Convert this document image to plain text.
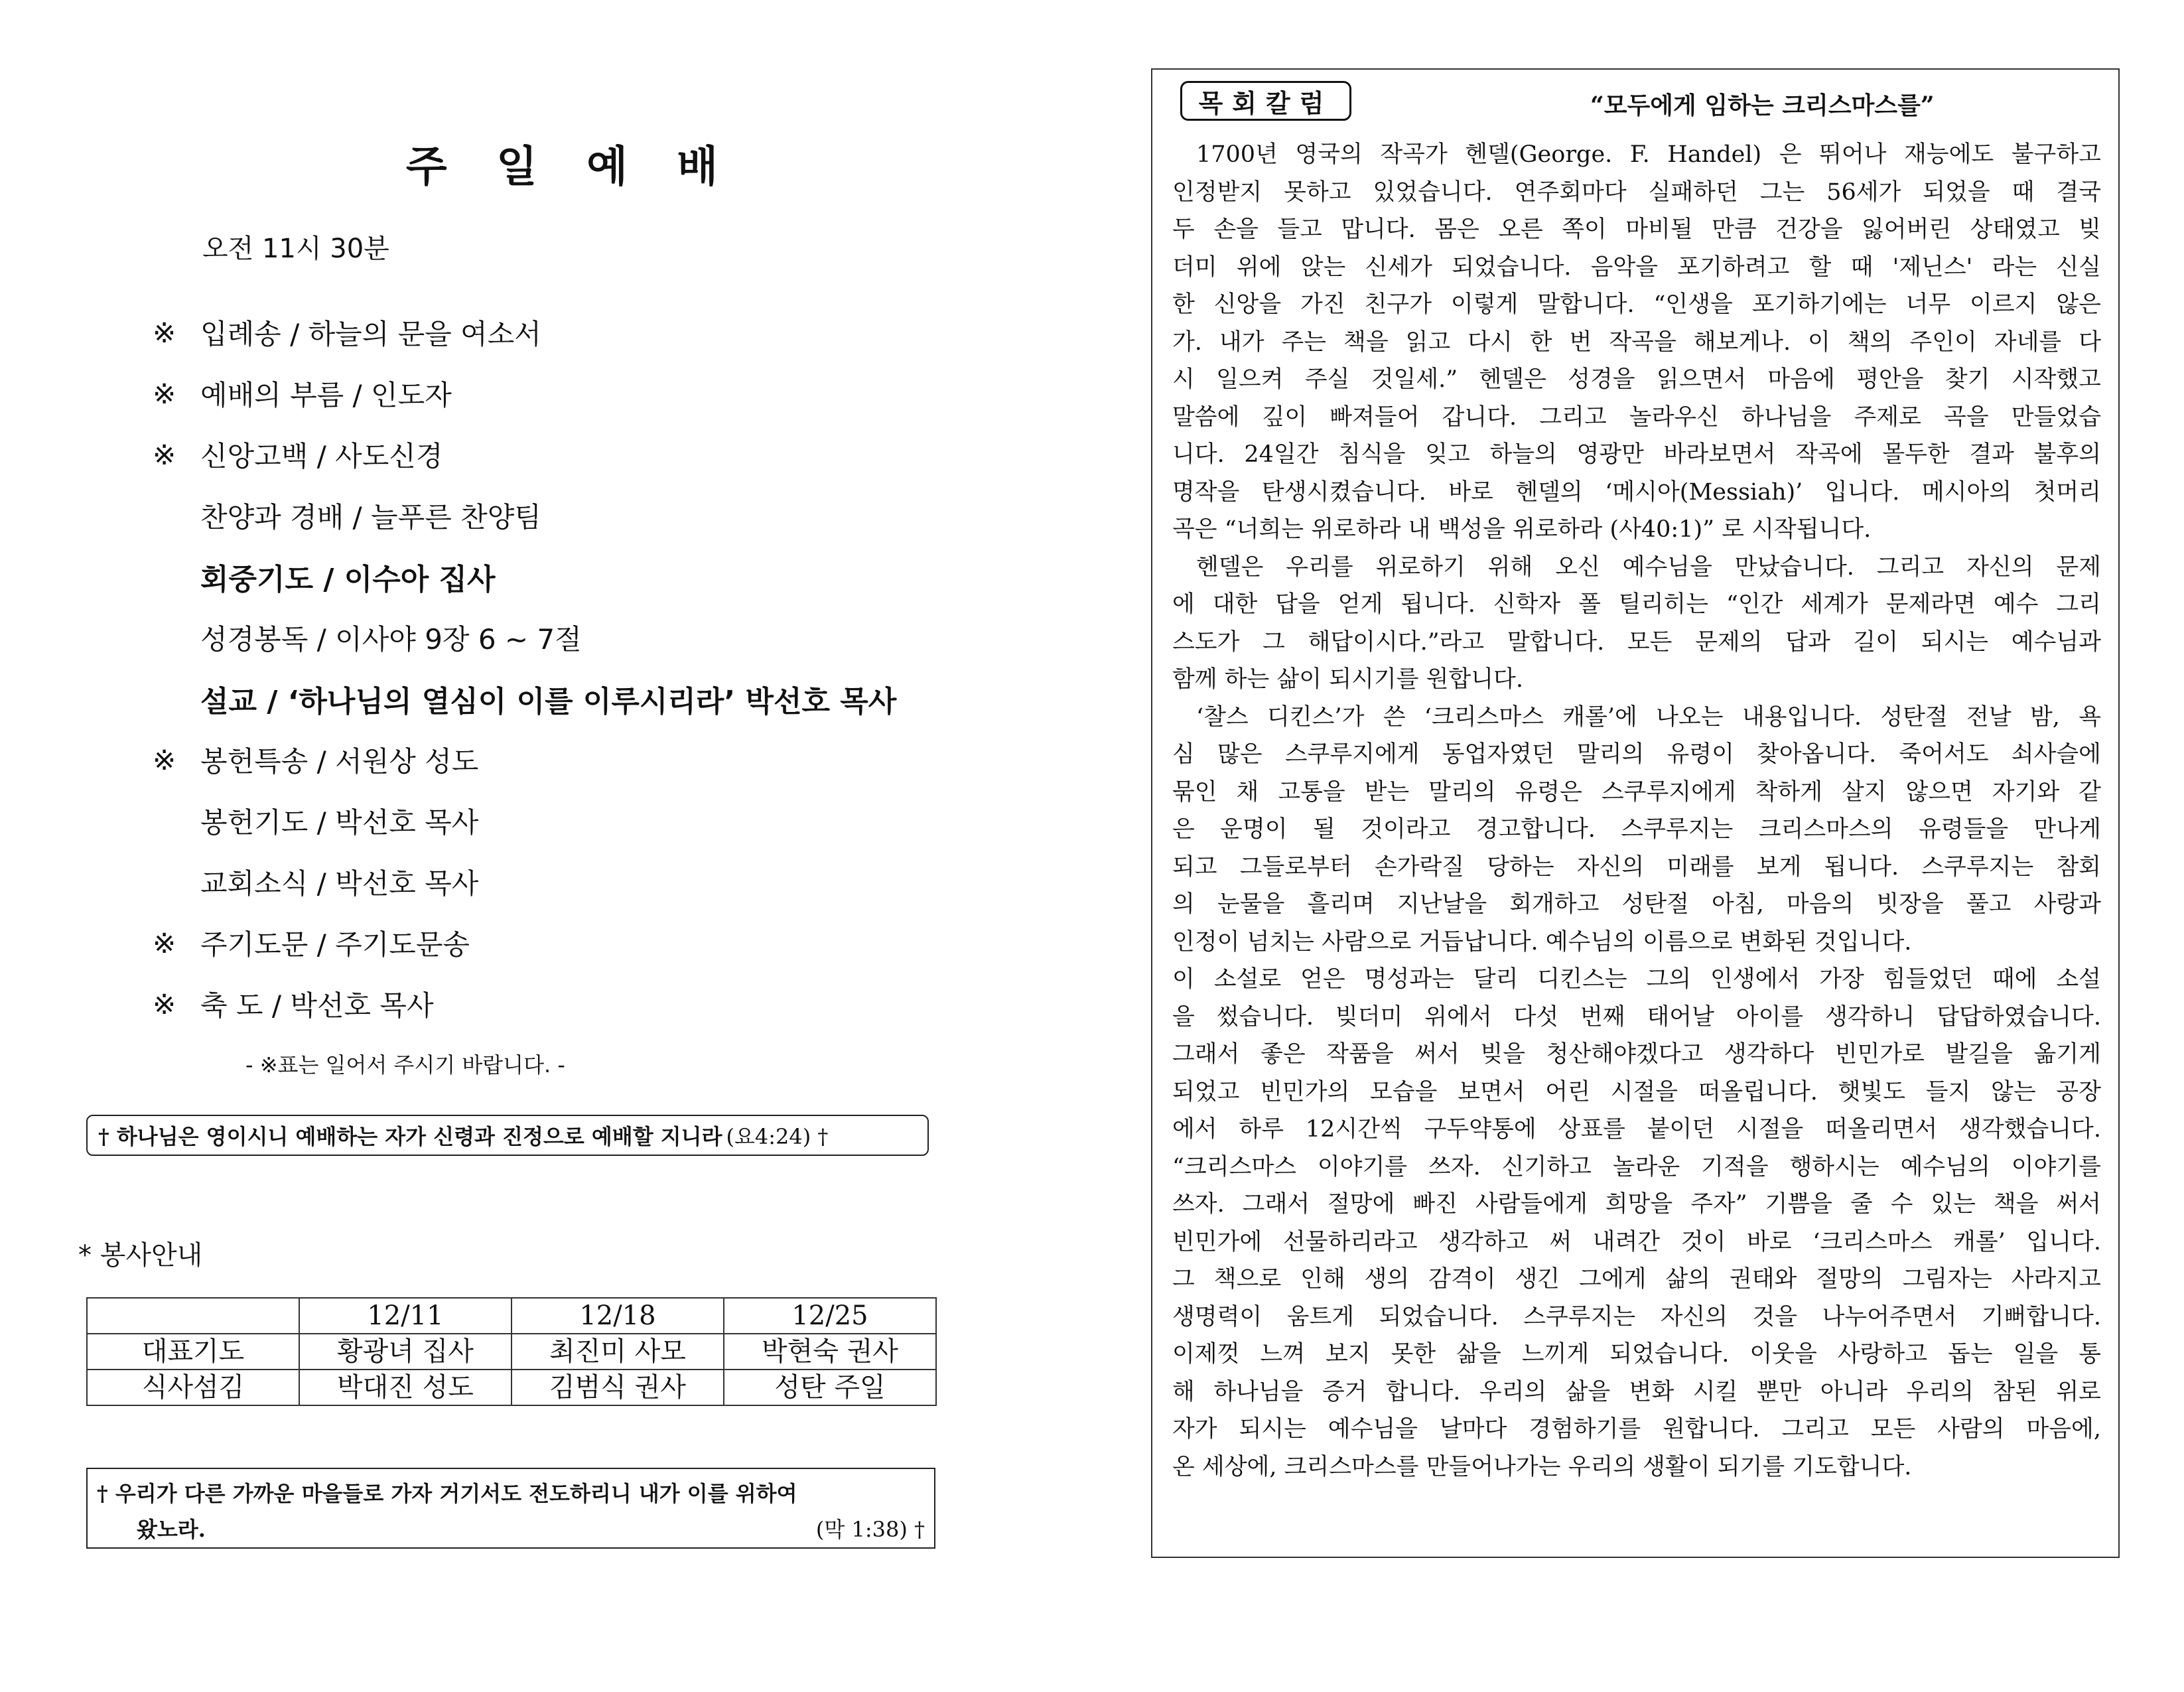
주 일 예 배
오전 11시 30분
※ 입례송 / 하늘의 문을 여소서
※ 예배의 부름 / 인도자
※ 신앙고백 / 사도신경
찬양과 경배 / 늘푸른 찬양팀
회중기도 / 이수아 집사
성경봉독 / 이사야 9장 6 ~ 7절
설교 / ‘하나님의 열심이 이를 이루시리라’ 박선호 목사
※ 봉헌특송 / 서원상 성도
봉헌기도 / 박선호 목사
교회소식 / 박선호 목사
※ 주기도문 / 주기도문송
※ 축 도 / 박선호 목사
- ※표는 일어서 주시기 바랍니다. -
† 하나님은 영이시니 예배하는 자가 신령과 진정으로 예배할 지니라 (요4:24) †
* 봉사안내
	12/11	12/18	12/25
대표기도	황광녀 집사	최진미 사모	박현숙 권사
식사섬김	박대진 성도	김범식 권사	성탄 주일
† 우리가 다른 가까운 마을들로 가자 거기서도 전도하리니 내가 이를 위하여
왔노라.	(막 1:38) †
목회칼럼	“모두에게 임하는 크리스마스를”
1700년 영국의 작곡가 헨델(George. F. Handel) 은 뛰어나 재능에도 불구하고
인정받지 못하고 있었습니다. 연주회마다 실패하던 그는 56세가 되었을 때 결국
두 손을 들고 맙니다. 몸은 오른 쪽이 마비될 만큼 건강을 잃어버린 상태였고 빚
더미 위에 앉는 신세가 되었습니다. 음악을 포기하려고 할 때 '제닌스' 라는 신실
한 신앙을 가진 친구가 이렇게 말합니다. “인생을 포기하기에는 너무 이르지 않은
가. 내가 주는 책을 읽고 다시 한 번 작곡을 해보게나. 이 책의 주인이 자네를 다
시 일으켜 주실 것일세.” 헨델은 성경을 읽으면서 마음에 평안을 찾기 시작했고
말씀에 깊이 빠져들어 갑니다. 그리고 놀라우신 하나님을 주제로 곡을 만들었습
니다. 24일간 침식을 잊고 하늘의 영광만 바라보면서 작곡에 몰두한 결과 불후의
명작을 탄생시켰습니다. 바로 헨델의 ‘메시아(Messiah)’ 입니다. 메시아의 첫머리
곡은 “너희는 위로하라 내 백성을 위로하라 (사40:1)” 로 시작됩니다.
헨델은 우리를 위로하기 위해 오신 예수님을 만났습니다. 그리고 자신의 문제
에 대한 답을 얻게 됩니다. 신학자 폴 틸리히는 “인간 세계가 문제라면 예수 그리
스도가 그 해답이시다.”라고 말합니다. 모든 문제의 답과 길이 되시는 예수님과
함께 하는 삶이 되시기를 원합니다.
‘찰스 디킨스’가 쓴 ‘크리스마스 캐롤’에 나오는 내용입니다. 성탄절 전날 밤, 욕
심 많은 스쿠루지에게 동업자였던 말리의 유령이 찾아옵니다. 죽어서도 쇠사슬에
묶인 채 고통을 받는 말리의 유령은 스쿠루지에게 착하게 살지 않으면 자기와 같
은 운명이 될 것이라고 경고합니다. 스쿠루지는 크리스마스의 유령들을 만나게
되고 그들로부터 손가락질 당하는 자신의 미래를 보게 됩니다. 스쿠루지는 참회
의 눈물을 흘리며 지난날을 회개하고 성탄절 아침, 마음의 빗장을 풀고 사랑과
인정이 넘치는 사람으로 거듭납니다. 예수님의 이름으로 변화된 것입니다.
이 소설로 얻은 명성과는 달리 디킨스는 그의 인생에서 가장 힘들었던 때에 소설
을 썼습니다. 빚더미 위에서 다섯 번째 태어날 아이를 생각하니 답답하였습니다.
그래서 좋은 작품을 써서 빚을 청산해야겠다고 생각하다 빈민가로 발길을 옮기게
되었고 빈민가의 모습을 보면서 어린 시절을 떠올립니다. 햇빛도 들지 않는 공장
에서 하루 12시간씩 구두약통에 상표를 붙이던 시절을 떠올리면서 생각했습니다.
“크리스마스 이야기를 쓰자. 신기하고 놀라운 기적을 행하시는 예수님의 이야기를
쓰자. 그래서 절망에 빠진 사람들에게 희망을 주자” 기쁨을 줄 수 있는 책을 써서
빈민가에 선물하리라고 생각하고 써 내려간 것이 바로 ‘크리스마스 캐롤’ 입니다.
그 책으로 인해 생의 감격이 생긴 그에게 삶의 권태와 절망의 그림자는 사라지고
생명력이 움트게 되었습니다. 스쿠루지는 자신의 것을 나누어주면서 기뻐합니다.
이제껏 느껴 보지 못한 삶을 느끼게 되었습니다. 이웃을 사랑하고 돕는 일을 통
해 하나님을 증거 합니다. 우리의 삶을 변화 시킬 뿐만 아니라 우리의 참된 위로
자가 되시는 예수님을 날마다 경험하기를 원합니다. 그리고 모든 사람의 마음에,
온 세상에, 크리스마스를 만들어나가는 우리의 생활이 되기를 기도합니다.
